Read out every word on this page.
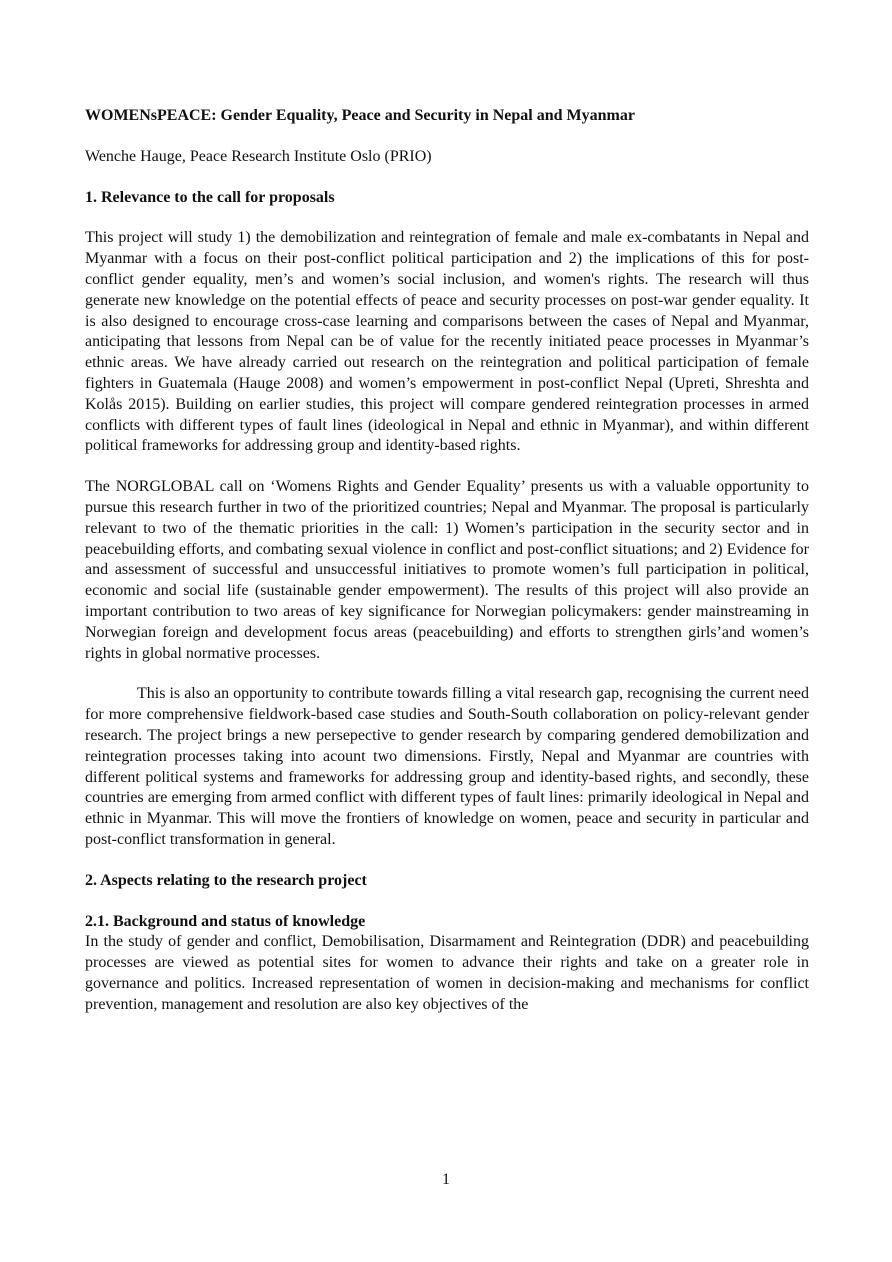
WOMENsPEACE: Gender Equality, Peace and Security in Nepal and Myanmar

Wenche Hauge, Peace Research Institute Oslo (PRIO)

1. Relevance to the call for proposals

This project will study 1) the demobilization and reintegration of female and male ex-combatants in Nepal and Myanmar with a focus on their post-conflict political participation and 2) the implications of this for post-conflict gender equality, men’s and women’s social inclusion, and women's rights. The research will thus generate new knowledge on the potential effects of peace and security processes on post-war gender equality. It is also designed to encourage cross-case learning and comparisons between the cases of Nepal and Myanmar, anticipating that lessons from Nepal can be of value for the recently initiated peace processes in Myanmar’s ethnic areas. We have already carried out research on the reintegration and political participation of female fighters in Guatemala (Hauge 2008) and women’s empowerment in post-conflict Nepal (Upreti, Shreshta and Kolås 2015). Building on earlier studies, this project will compare gendered reintegration processes in armed conflicts with different types of fault lines (ideological in Nepal and ethnic in Myanmar), and within different political frameworks for addressing group and identity-based rights.

The NORGLOBAL call on ‘Womens Rights and Gender Equality’ presents us with a valuable opportunity to pursue this research further in two of the prioritized countries; Nepal and Myanmar. The proposal is particularly relevant to two of the thematic priorities in the call: 1) Women’s participation in the security sector and in peacebuilding efforts, and combating sexual violence in conflict and post-conflict situations; and 2) Evidence for and assessment of successful and unsuccessful initiatives to promote women’s full participation in political, economic and social life (sustainable gender empowerment). The results of this project will also provide an important contribution to two areas of key significance for Norwegian policymakers: gender mainstreaming in Norwegian foreign and development focus areas (peacebuilding) and efforts to strengthen girls’and women’s rights in global normative processes.

This is also an opportunity to contribute towards filling a vital research gap, recognising the current need for more comprehensive fieldwork-based case studies and South-South collaboration on policy-relevant gender research. The project brings a new persepective to gender research by comparing gendered demobilization and reintegration processes taking into acount two dimensions. Firstly, Nepal and Myanmar are countries with different political systems and frameworks for addressing group and identity-based rights, and secondly, these countries are emerging from armed conflict with different types of fault lines: primarily ideological in Nepal and ethnic in Myanmar. This will move the frontiers of knowledge on women, peace and security in particular and post-conflict transformation in general.

2. Aspects relating to the research project

2.1. Background and status of knowledge

In the study of gender and conflict, Demobilisation, Disarmament and Reintegration (DDR) and peacebuilding processes are viewed as potential sites for women to advance their rights and take on a greater role in governance and politics. Increased representation of women in decision-making and mechanisms for conflict prevention, management and resolution are also key objectives of the

1
